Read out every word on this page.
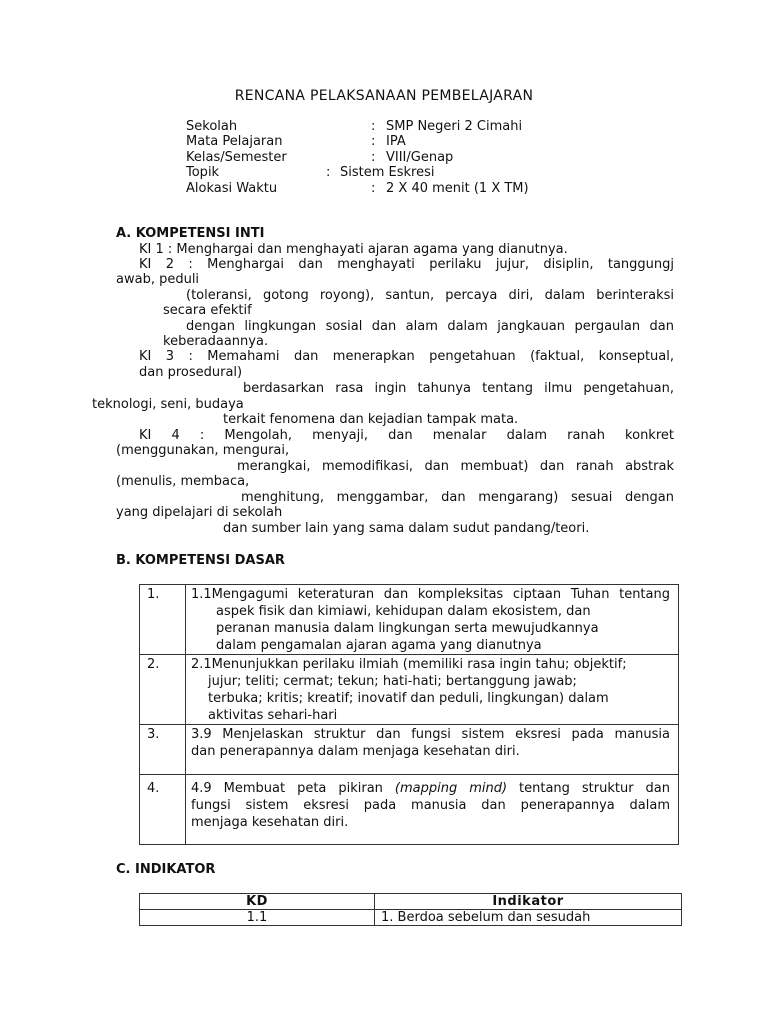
RENCANA PELAKSANAAN PEMBELAJARAN
Sekolah	: SMP Negeri 2 Cimahi
Mata Pelajaran	: IPA
Kelas/Semester	: VIII/Genap
Topik	: Sistem Eskresi
Alokasi Waktu	: 2 X 40 menit (1 X TM)
A. KOMPETENSI INTI
KI 1 : Menghargai dan menghayati ajaran agama yang dianutnya.
KI 2 : Menghargai dan menghayati perilaku jujur, disiplin, tanggungj
awab, peduli
(toleransi, gotong royong), santun, percaya diri, dalam berinteraksi
secara efektif
dengan lingkungan sosial dan alam dalam jangkauan pergaulan dan
keberadaannya.
KI 3 : Memahami dan menerapkan pengetahuan (faktual, konseptual,
dan prosedural)
berdasarkan rasa ingin tahunya tentang ilmu pengetahuan,
teknologi, seni, budaya
terkait fenomena dan kejadian tampak mata.
KI 4 : Mengolah, menyaji, dan menalar dalam ranah konkret
(menggunakan, mengurai,
merangkai, memodifikasi, dan membuat) dan ranah abstrak
(menulis, membaca,
menghitung, menggambar, dan mengarang) sesuai dengan
yang dipelajari di sekolah
dan sumber lain yang sama dalam sudut pandang/teori.
B. KOMPETENSI DASAR
1.	1.1Mengagumi keteraturan dan kompleksitas ciptaan Tuhan tentang
aspek fisik dan kimiawi, kehidupan dalam ekosistem, dan
peranan manusia dalam lingkungan serta mewujudkannya
dalam pengamalan ajaran agama yang dianutnya

2.	2.1Menunjukkan perilaku ilmiah (memiliki rasa ingin tahu; objektif;
jujur; teliti; cermat; tekun; hati-hati; bertanggung jawab;
terbuka; kritis; kreatif; inovatif dan peduli, lingkungan) dalam
aktivitas sehari-hari

3.	3.9 Menjelaskan struktur dan fungsi sistem eksresi pada manusia
dan penerapannya dalam menjaga kesehatan diri.

4.	4.9 Membuat peta pikiran (mapping mind) tentang struktur dan
fungsi sistem eksresi pada manusia dan penerapannya dalam
menjaga kesehatan diri.
C. INDIKATOR
KD	Indikator
1.1	1. Berdoa sebelum dan sesudah
